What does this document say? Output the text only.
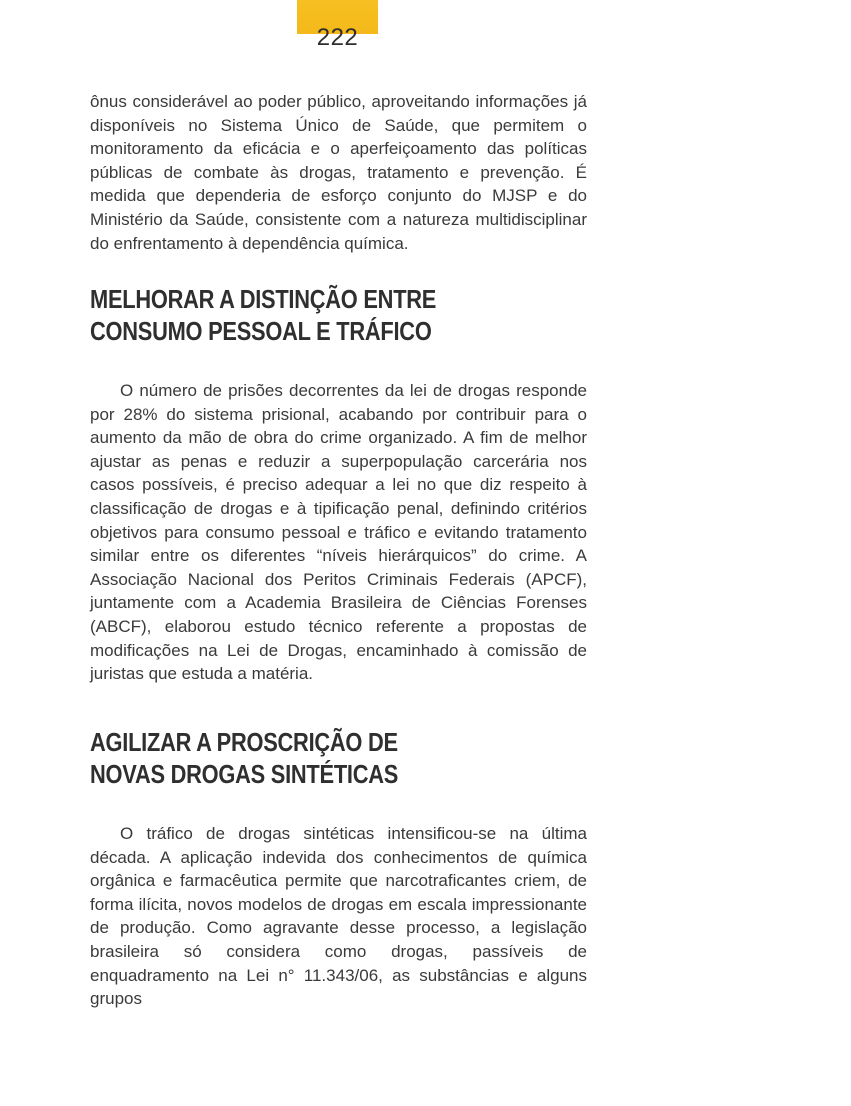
222

ônus considerável ao poder público, aproveitando informações já disponíveis no Sistema Único de Saúde, que permitem o monitoramento da eficácia e o aperfeiçoamento das políticas públicas de combate às drogas, tratamento e prevenção. É medida que dependeria de esforço conjunto do MJSP e do Ministério da Saúde, consistente com a natureza multidisciplinar do enfrentamento à dependência química.

MELHORAR A DISTINÇÃO ENTRE
CONSUMO PESSOAL E TRÁFICO

O número de prisões decorrentes da lei de drogas responde por 28% do sistema prisional, acabando por contribuir para o aumento da mão de obra do crime organizado. A fim de melhor ajustar as penas e reduzir a superpopulação carcerária nos casos possíveis, é preciso adequar a lei no que diz respeito à classificação de drogas e à tipificação penal, definindo critérios objetivos para consumo pessoal e tráfico e evitando tratamento similar entre os diferentes “níveis hierárquicos” do crime. A Associação Nacional dos Peritos Criminais Federais (APCF), juntamente com a Academia Brasileira de Ciências Forenses (ABCF), elaborou estudo técnico referente a propostas de modificações na Lei de Drogas, encaminhado à comissão de juristas que estuda a matéria.

AGILIZAR A PROSCRIÇÃO DE
NOVAS DROGAS SINTÉTICAS

O tráfico de drogas sintéticas intensificou-se na última década. A aplicação indevida dos conhecimentos de química orgânica e farmacêutica permite que narcotraficantes criem, de forma ilícita, novos modelos de drogas em escala impressionante de produção. Como agravante desse processo, a legislação brasileira só considera como drogas, passíveis de enquadramento na Lei n° 11.343/06, as substâncias e alguns grupos
